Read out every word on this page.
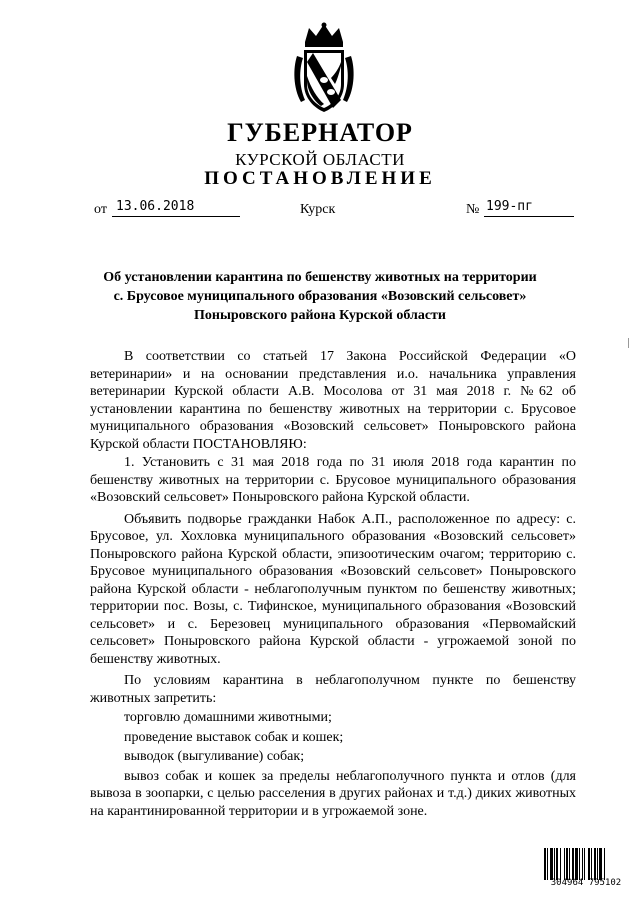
ГУБЕРНАТОР
КУРСКОЙ ОБЛАСТИ
ПОСТАНОВЛЕНИЕ
от 13.06.2018	Курск	№ 199-пг
Об установлении карантина по бешенству животных на территории
с. Брусовое муниципального образования «Возовский сельсовет»
Поныровского района Курской области

В соответствии со статьей 17 Закона Российской Федерации «О ветеринарии» и на основании представления и.о. начальника управления ветеринарии Курской области А.В. Мосолова от 31 мая 2018 г. №62 об установлении карантина по бешенству животных на территории с. Брусовое муниципального образования «Возовский сельсовет» Поныровского района Курской области ПОСТАНОВЛЯЮ:

1. Установить с 31 мая 2018 года по 31 июля 2018 года карантин по бешенству животных на территории с. Брусовое муниципального образования «Возовский сельсовет» Поныровского района Курской области.

Объявить подворье гражданки Набок А.П., расположенное по адресу: с. Брусовое, ул. Хохловка муниципального образования «Возовский сельсовет» Поныровского района Курской области, эпизоотическим очагом; территорию с. Брусовое муниципального образования «Возовский сельсовет» Поныровского района Курской области - неблагополучным пунктом по бешенству животных; территории пос. Возы, с. Тифинское, муниципального образования «Возовский сельсовет» и с. Березовец муниципального образования «Первомайский сельсовет» Поныровского района Курской области - угрожаемой зоной по бешенству животных.

По условиям карантина в неблагополучном пункте по бешенству животных запретить:

торговлю домашними животными;

проведение выставок собак и кошек;

выводок (выгуливание) собак;

вывоз собак и кошек за пределы неблагополучного пункта и отлов (для вывоза в зоопарки, с целью расселения в других районах и т.д.) диких животных на карантинированной территории и в угрожаемой зоне.

304964 795102
